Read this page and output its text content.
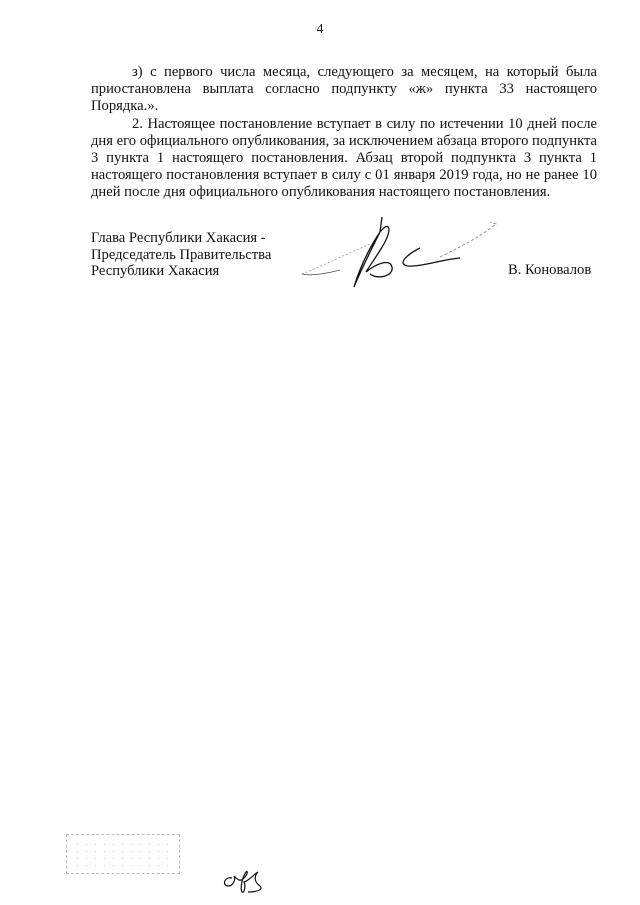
4

з) с первого числа месяца, следующего за месяцем, на который была приостановлена выплата согласно подпункту «ж» пункта 33 настоящего Порядка.».

2. Настоящее постановление вступает в силу по истечении 10 дней после дня его официального опубликования, за исключением абзаца второго подпункта 3 пункта 1 настоящего постановления. Абзац второй подпункта 3 пункта 1 настоящего постановления вступает в силу с 01 января 2019 года, но не ранее 10 дней после дня официального опубликования настоящего постановления.

Глава Республики Хакасия -
Председатель Правительства
Республики Хакасия	В. Коновалов
